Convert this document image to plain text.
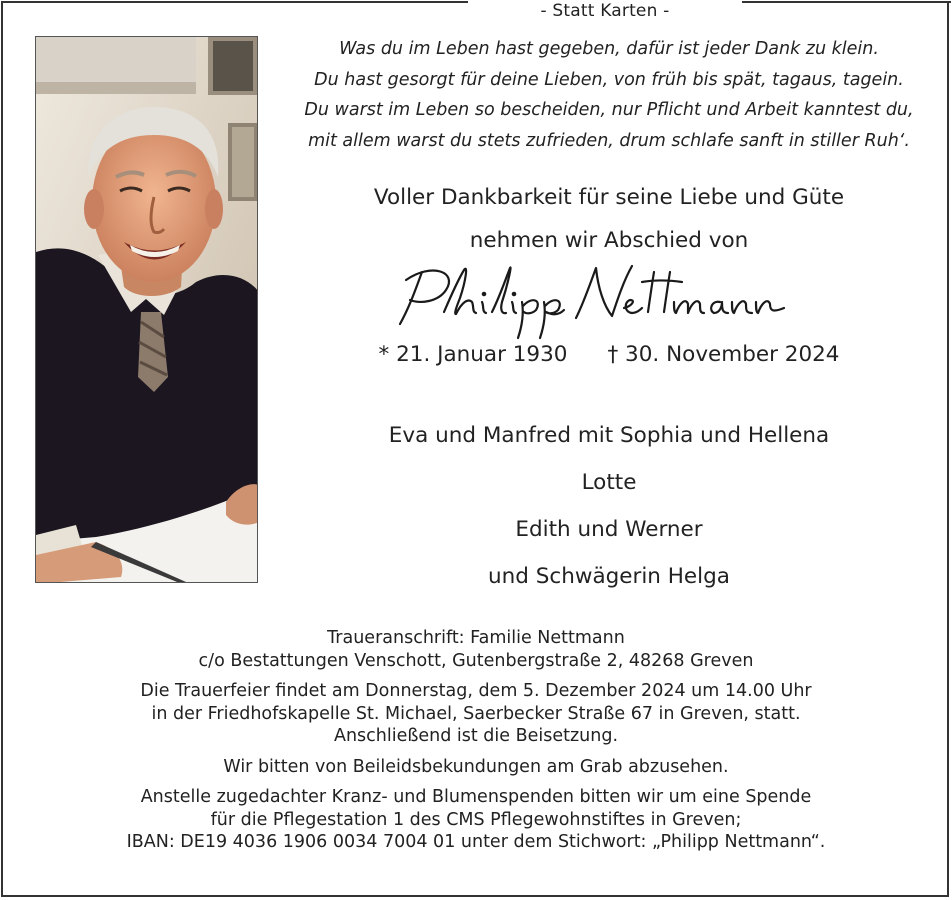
- Statt Karten -
Was du im Leben hast gegeben, dafür ist jeder Dank zu klein.
Du hast gesorgt für deine Lieben, von früh bis spät, tagaus, tagein.
Du warst im Leben so bescheiden, nur Pflicht und Arbeit kanntest du,
mit allem warst du stets zufrieden, drum schlafe sanft in stiller Ruh‘.
Voller Dankbarkeit für seine Liebe und Güte
nehmen wir Abschied von
* 21. Januar 1930 † 30. November 2024
Eva und Manfred mit Sophia und Hellena
Lotte
Edith und Werner
und Schwägerin Helga
Traueranschrift: Familie Nettmann
c/o Bestattungen Venschott, Gutenbergstraße 2, 48268 Greven
Die Trauerfeier findet am Donnerstag, dem 5. Dezember 2024 um 14.00 Uhr
in der Friedhofskapelle St. Michael, Saerbecker Straße 67 in Greven, statt.
Anschließend ist die Beisetzung.
Wir bitten von Beileidsbekundungen am Grab abzusehen.
Anstelle zugedachter Kranz- und Blumenspenden bitten wir um eine Spende
für die Pflegestation 1 des CMS Pflegewohnstiftes in Greven;
IBAN: DE19 4036 1906 0034 7004 01 unter dem Stichwort: „Philipp Nettmann“.
